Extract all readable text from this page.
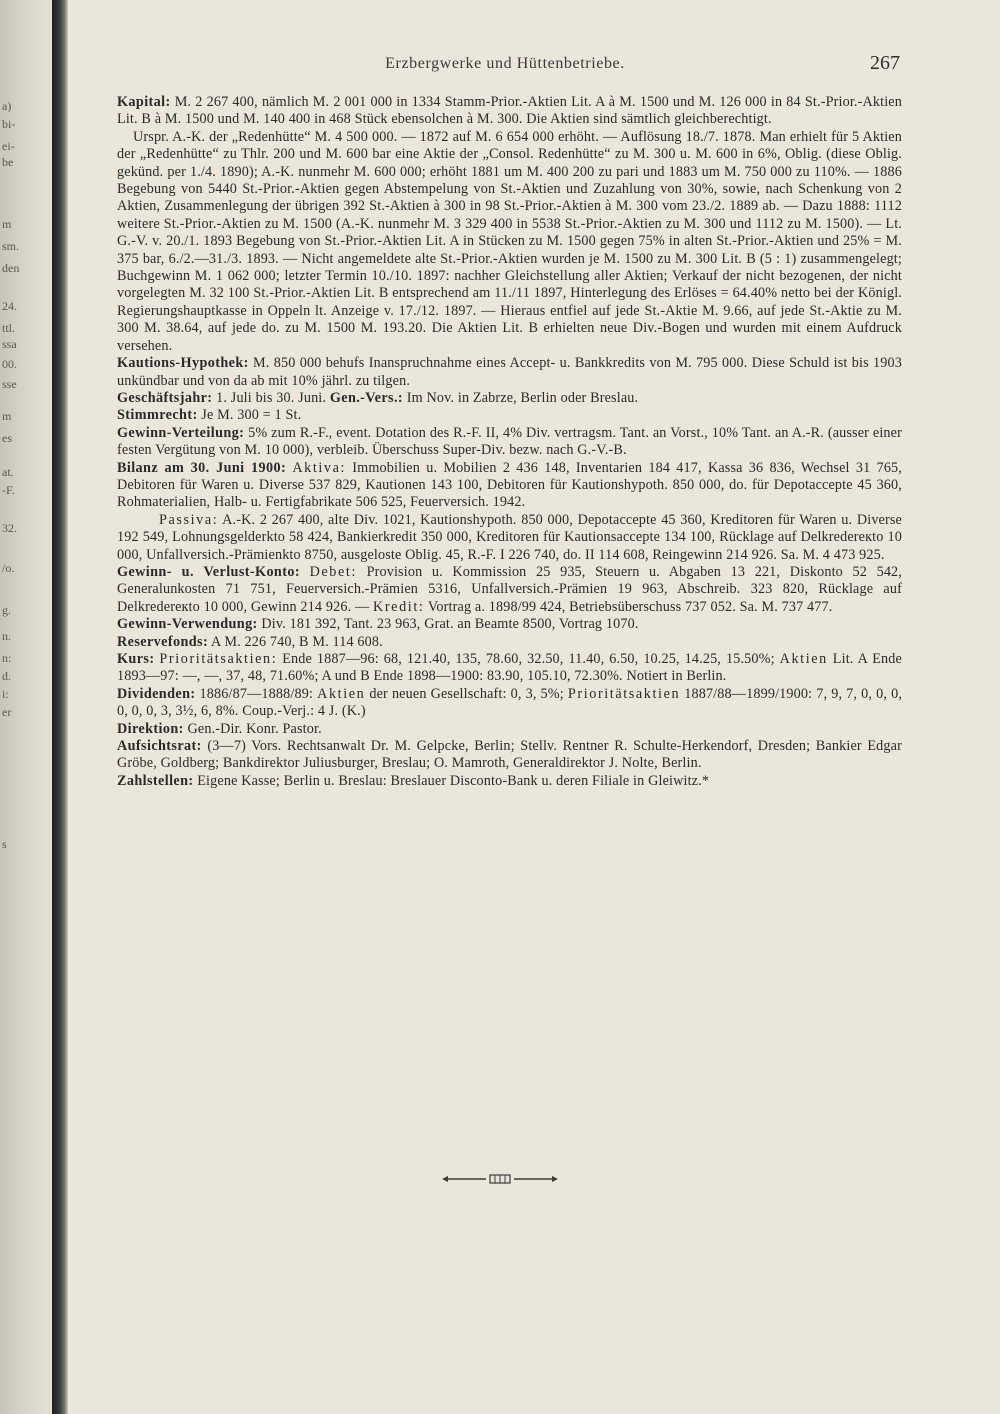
a)
bi-
ei-
be
m
sm.
den
24.
ttl.
ssa
00.
sse
m
es
at.
-F.
32.
/o.
g.
n.
n:
d.
i:
er
s
Erzbergwerke und Hüttenbetriebe.	267

Kapital: M. 2 267 400, nämlich M. 2 001 000 in 1334 Stamm-Prior.-Aktien Lit. A à M. 1500 und M. 126 000 in 84 St.-Prior.-Aktien Lit. B à M. 1500 und M. 140 400 in 468 Stück ebensolchen à M. 300. Die Aktien sind sämtlich gleichberechtigt.

Urspr. A.-K. der „Redenhütte“ M. 4 500 000. — 1872 auf M. 6 654 000 erhöht. — Auflösung 18./7. 1878. Man erhielt für 5 Aktien der „Redenhütte“ zu Thlr. 200 und M. 600 bar eine Aktie der „Consol. Redenhütte“ zu M. 300 u. M. 600 in 6%, Oblig. (diese Oblig. gekünd. per 1./4. 1890); A.-K. nunmehr M. 600 000; erhöht 1881 um M. 400 200 zu pari und 1883 um M. 750 000 zu 110%. — 1886 Begebung von 5440 St.-Prior.-Aktien gegen Abstempelung von St.-Aktien und Zuzahlung von 30%, sowie, nach Schenkung von 2 Aktien, Zusammenlegung der übrigen 392 St.-Aktien à 300 in 98 St.-Prior.-Aktien à M. 300 vom 23./2. 1889 ab. — Dazu 1888: 1112 weitere St.-Prior.-Aktien zu M. 1500 (A.-K. nunmehr M. 3 329 400 in 5538 St.-Prior.-Aktien zu M. 300 und 1112 zu M. 1500). — Lt. G.-V. v. 20./1. 1893 Begebung von St.-Prior.-Aktien Lit. A in Stücken zu M. 1500 gegen 75% in alten St.-Prior.-Aktien und 25% = M. 375 bar, 6./2.—31./3. 1893. — Nicht angemeldete alte St.-Prior.-Aktien wurden je M. 1500 zu M. 300 Lit. B (5 : 1) zusammengelegt; Buchgewinn M. 1 062 000; letzter Termin 10./10. 1897: nachher Gleichstellung aller Aktien; Verkauf der nicht bezogenen, der nicht vorgelegten M. 32 100 St.-Prior.-Aktien Lit. B entsprechend am 11./11 1897, Hinterlegung des Erlöses = 64.40% netto bei der Königl. Regierungshauptkasse in Oppeln lt. Anzeige v. 17./12. 1897. — Hieraus entfiel auf jede St.-Aktie M. 9.66, auf jede St.-Aktie zu M. 300 M. 38.64, auf jede do. zu M. 1500 M. 193.20. Die Aktien Lit. B erhielten neue Div.-Bogen und wurden mit einem Aufdruck versehen.

Kautions-Hypothek: M. 850 000 behufs Inanspruchnahme eines Accept- u. Bankkredits von M. 795 000. Diese Schuld ist bis 1903 unkündbar und von da ab mit 10% jährl. zu tilgen.

Geschäftsjahr: 1. Juli bis 30. Juni. Gen.-Vers.: Im Nov. in Zabrze, Berlin oder Breslau.

Stimmrecht: Je M. 300 = 1 St.

Gewinn-Verteilung: 5% zum R.-F., event. Dotation des R.-F. II, 4% Div. vertragsm. Tant. an Vorst., 10% Tant. an A.-R. (ausser einer festen Vergütung von M. 10 000), verbleib. Überschuss Super-Div. bezw. nach G.-V.-B.

Bilanz am 30. Juni 1900: Aktiva: Immobilien u. Mobilien 2 436 148, Inventarien 184 417, Kassa 36 836, Wechsel 31 765, Debitoren für Waren u. Diverse 537 829, Kautionen 143 100, Debitoren für Kautionshypoth. 850 000, do. für Depotaccepte 45 360, Rohmaterialien, Halb- u. Fertigfabrikate 506 525, Feuerversich. 1942.

Passiva: A.-K. 2 267 400, alte Div. 1021, Kautionshypoth. 850 000, Depotaccepte 45 360, Kreditoren für Waren u. Diverse 192 549, Lohnungsgelderkto 58 424, Bankierkredit 350 000, Kreditoren für Kautionsaccepte 134 100, Rücklage auf Delkredereкto 10 000, Unfallversich.-Prämienkto 8750, ausgeloste Oblig. 45, R.-F. I 226 740, do. II 114 608, Reingewinn 214 926. Sa. M. 4 473 925.

Gewinn- u. Verlust-Konto: Debet: Provision u. Kommission 25 935, Steuern u. Abgaben 13 221, Diskonto 52 542, Generalunkosten 71 751, Feuerversich.-Prämien 5316, Unfallversich.-Prämien 19 963, Abschreib. 323 820, Rücklage auf Delkredereкto 10 000, Gewinn 214 926. — Kredit: Vortrag a. 1898/99 424, Betriebsüberschuss 737 052. Sa. M. 737 477.

Gewinn-Verwendung: Div. 181 392, Tant. 23 963, Grat. an Beamte 8500, Vortrag 1070.

Reservefonds: A M. 226 740, B M. 114 608.

Kurs: Prioritätsaktien: Ende 1887—96: 68, 121.40, 135, 78.60, 32.50, 11.40, 6.50, 10.25, 14.25, 15.50%; Aktien Lit. A Ende 1893—97: —, —, 37, 48, 71.60%; A und B Ende 1898—1900: 83.90, 105.10, 72.30%. Notiert in Berlin.

Dividenden: 1886/87—1888/89: Aktien der neuen Gesellschaft: 0, 3, 5%; Prioritätsaktien 1887/88—1899/1900: 7, 9, 7, 0, 0, 0, 0, 0, 0, 3, 3½, 6, 8%. Coup.-Verj.: 4 J. (K.)

Direktion: Gen.-Dir. Konr. Pastor.

Aufsichtsrat: (3—7) Vors. Rechtsanwalt Dr. M. Gelpcke, Berlin; Stellv. Rentner R. Schulte-Herkendorf, Dresden; Bankier Edgar Gröbe, Goldberg; Bankdirektor Juliusburger, Breslau; O. Mamroth, Generaldirektor J. Nolte, Berlin.

Zahlstellen: Eigene Kasse; Berlin u. Breslau: Breslauer Disconto-Bank u. deren Filiale in Gleiwitz.*
